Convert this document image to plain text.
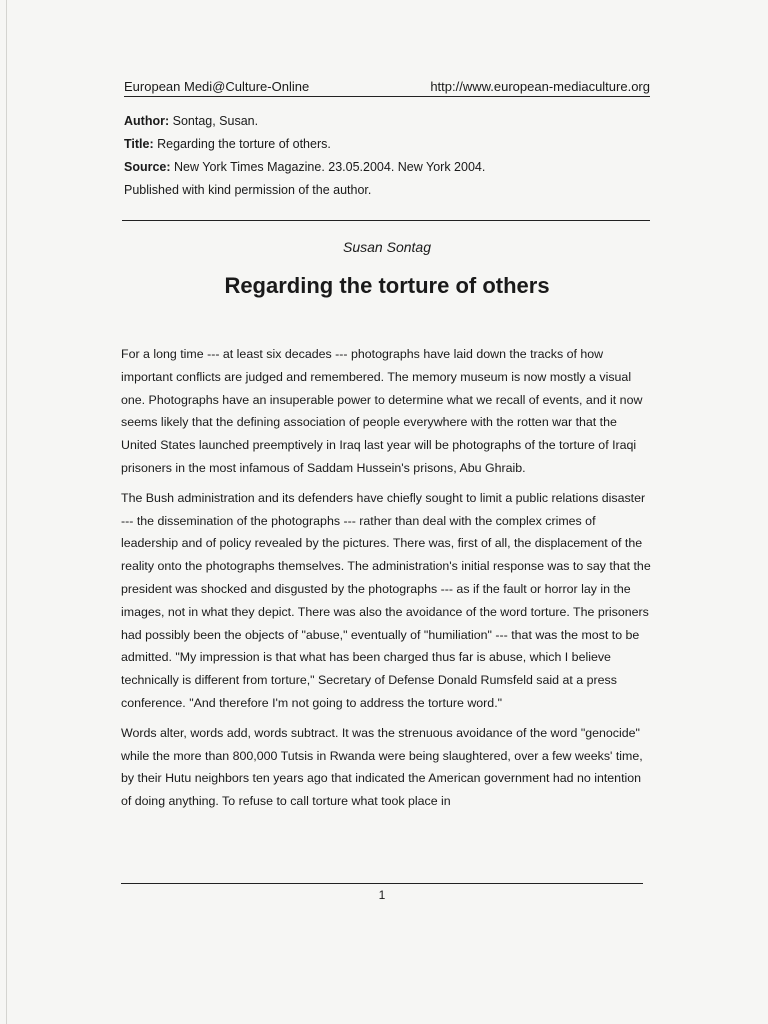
European Medi@Culture-Online	http://www.european-mediaculture.org
Author: Sontag, Susan.
Title: Regarding the torture of others.
Source: New York Times Magazine. 23.05.2004. New York 2004.
Published with kind permission of the author.
Susan Sontag
Regarding the torture of others

For a long time --- at least six decades --- photographs have laid down the tracks of how important conflicts are judged and remembered. The memory museum is now mostly a visual one. Photographs have an insuperable power to determine what we recall of events, and it now seems likely that the defining association of people everywhere with the rotten war that the United States launched preemptively in Iraq last year will be photographs of the torture of Iraqi prisoners in the most infamous of Saddam Hussein's prisons, Abu Ghraib.

The Bush administration and its defenders have chiefly sought to limit a public relations disaster --- the dissemination of the photographs --- rather than deal with the complex crimes of leadership and of policy revealed by the pictures. There was, first of all, the displacement of the reality onto the photographs themselves. The administration's initial response was to say that the president was shocked and disgusted by the photographs --- as if the fault or horror lay in the images, not in what they depict. There was also the avoidance of the word torture. The prisoners had possibly been the objects of "abuse," eventually of "humiliation" --- that was the most to be admitted. "My impression is that what has been charged thus far is abuse, which I believe technically is different from torture," Secretary of Defense Donald Rumsfeld said at a press conference. "And therefore I'm not going to address the torture word."

Words alter, words add, words subtract. It was the strenuous avoidance of the word "genocide" while the more than 800,000 Tutsis in Rwanda were being slaughtered, over a few weeks' time, by their Hutu neighbors ten years ago that indicated the American government had no intention of doing anything. To refuse to call torture what took place in

1
